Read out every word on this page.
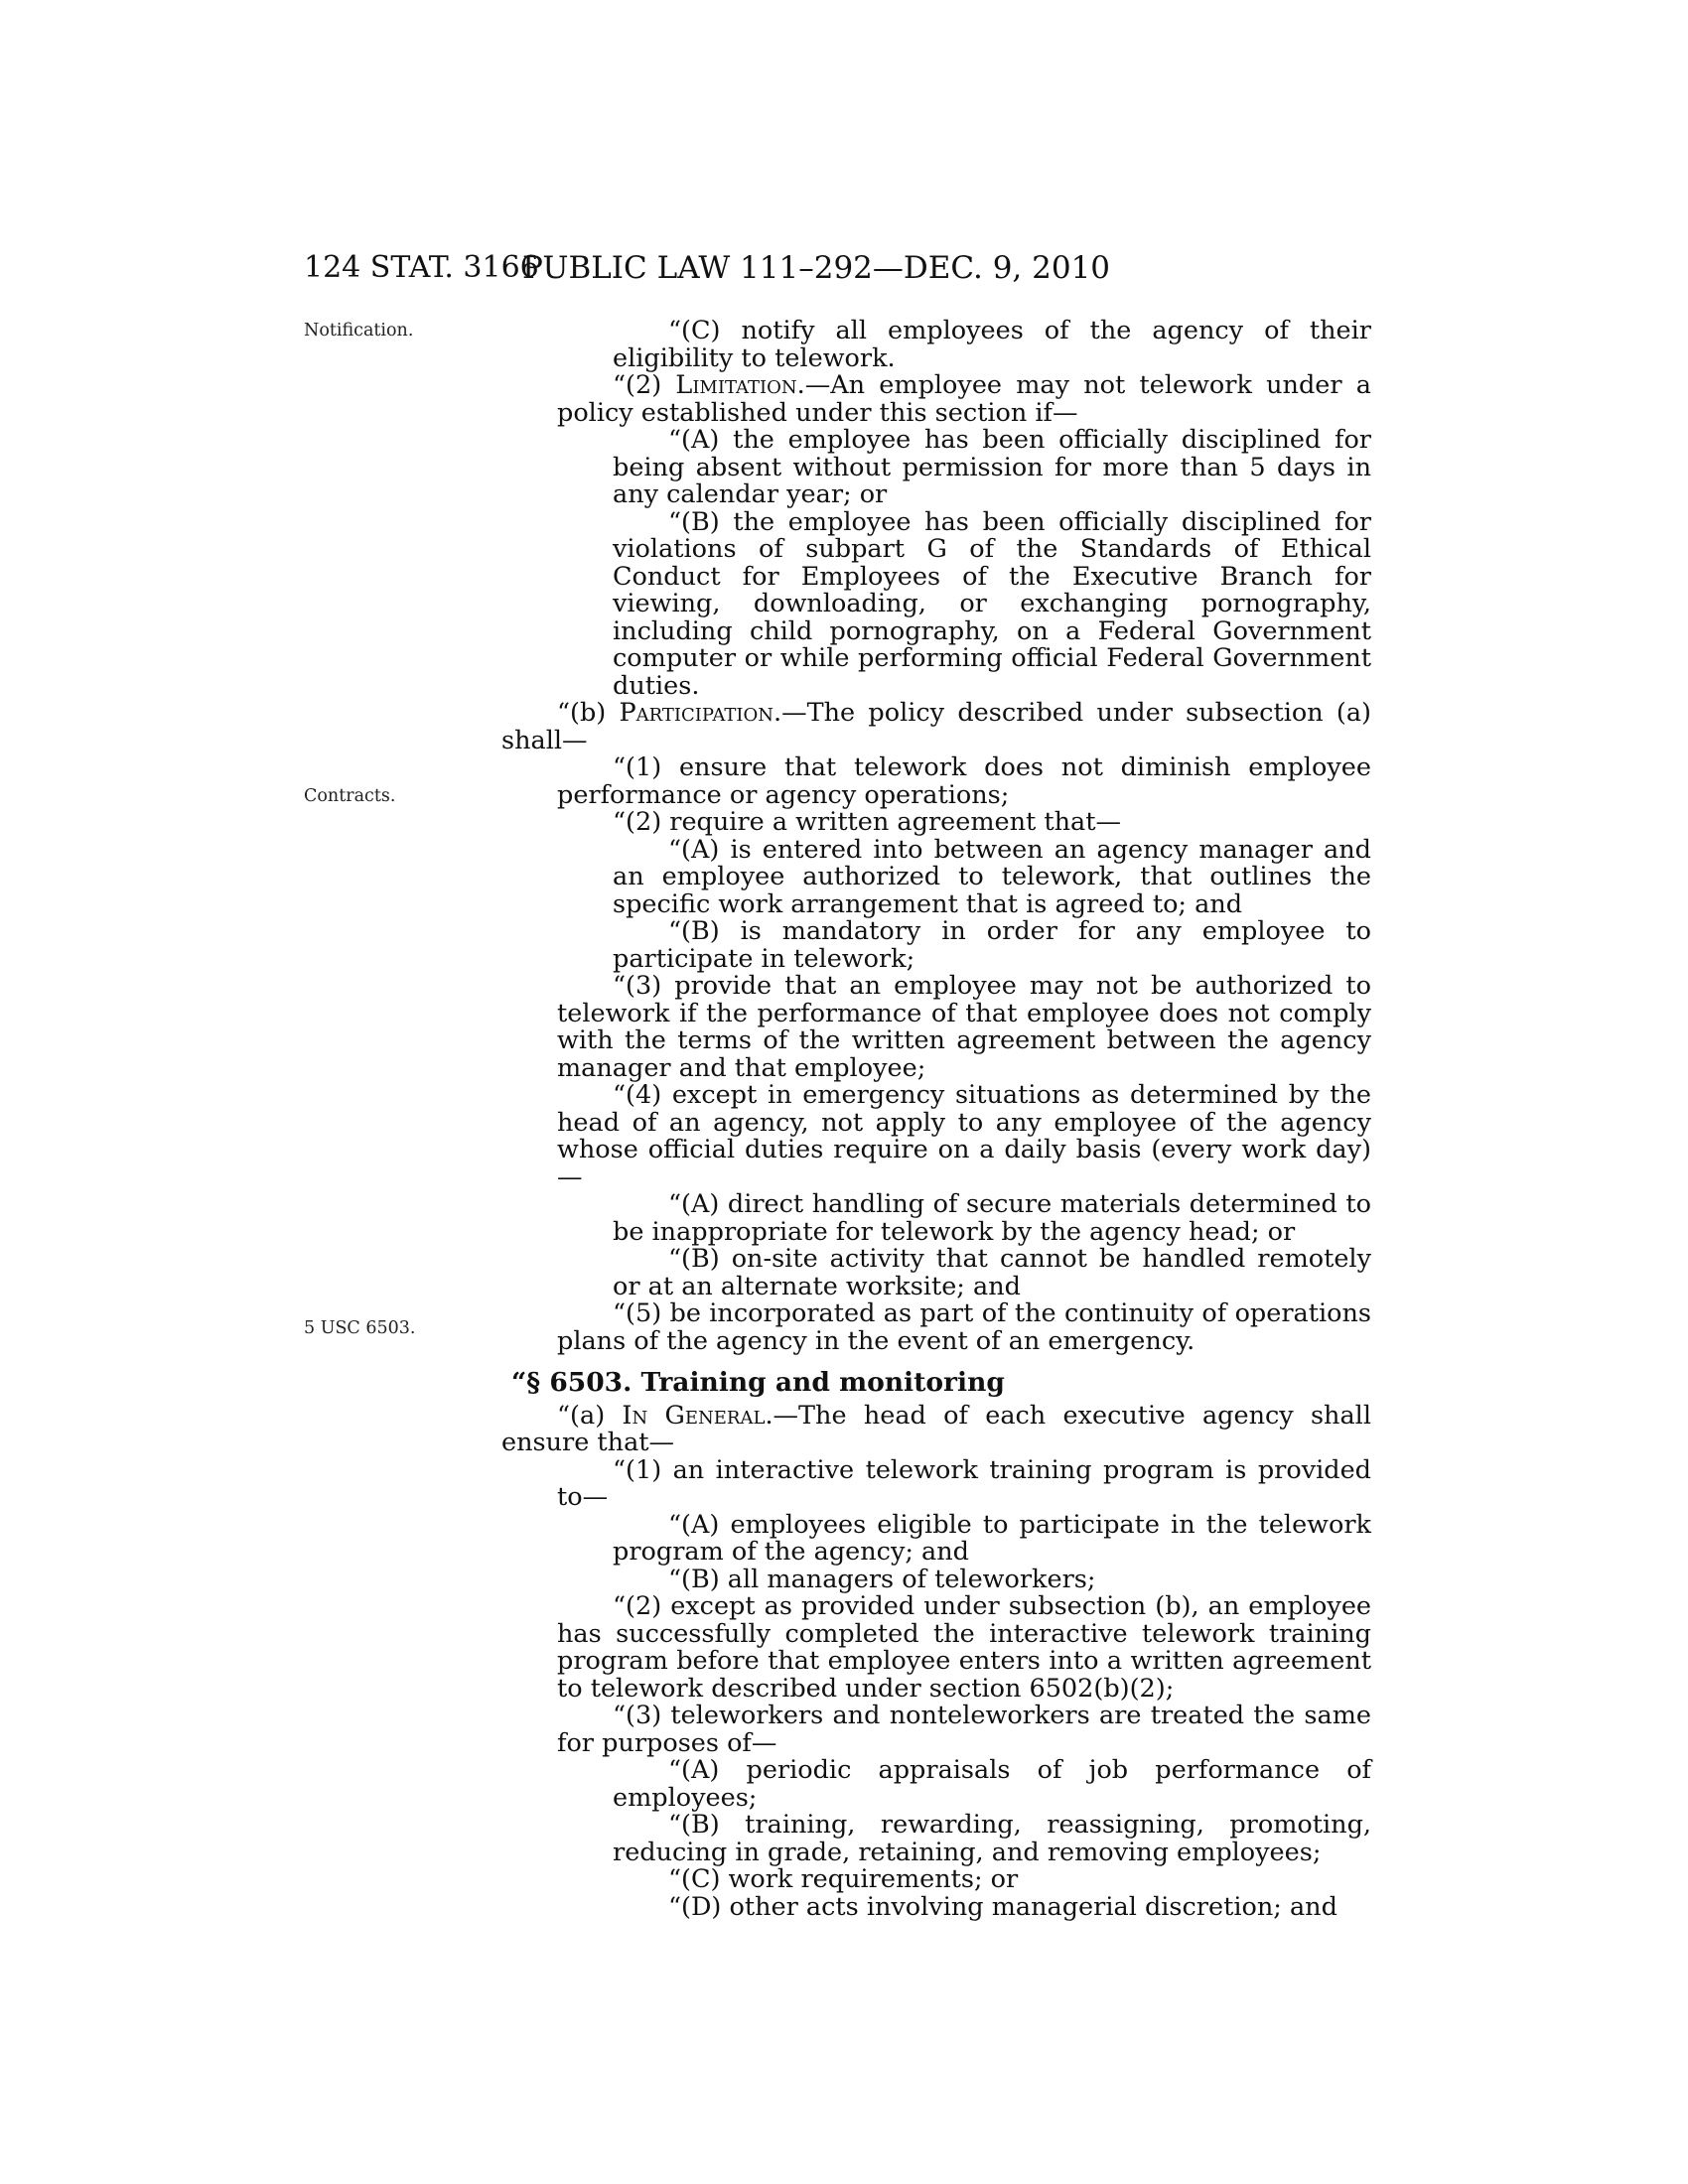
124 STAT. 3166
PUBLIC LAW 111–292—DEC. 9, 2010
Notification.
Contracts.
5 USC 6503.

“(C) notify all employees of the agency of their eligibility to telework.

“(2) Limitation.—An employee may not telework under a policy established under this section if—

“(A) the employee has been officially disciplined for being absent without permission for more than 5 days in any calendar year; or

“(B) the employee has been officially disciplined for violations of subpart G of the Standards of Ethical Conduct for Employees of the Executive Branch for viewing, downloading, or exchanging pornography, including child pornography, on a Federal Government computer or while performing official Federal Government duties.

“(b) Participation.—The policy described under subsection (a) shall—

“(1) ensure that telework does not diminish employee performance or agency operations;

“(2) require a written agreement that—

“(A) is entered into between an agency manager and an employee authorized to telework, that outlines the specific work arrangement that is agreed to; and

“(B) is mandatory in order for any employee to participate in telework;

“(3) provide that an employee may not be authorized to telework if the performance of that employee does not comply with the terms of the written agreement between the agency manager and that employee;

“(4) except in emergency situations as determined by the head of an agency, not apply to any employee of the agency whose official duties require on a daily basis (every work day)—

“(A) direct handling of secure materials determined to be inappropriate for telework by the agency head; or

“(B) on-site activity that cannot be handled remotely or at an alternate worksite; and

“(5) be incorporated as part of the continuity of operations plans of the agency in the event of an emergency.

“§ 6503. Training and monitoring

“(a) In General.—The head of each executive agency shall ensure that—

“(1) an interactive telework training program is provided to—

“(A) employees eligible to participate in the telework program of the agency; and

“(B) all managers of teleworkers;

“(2) except as provided under subsection (b), an employee has successfully completed the interactive telework training program before that employee enters into a written agreement to telework described under section 6502(b)(2);

“(3) teleworkers and nonteleworkers are treated the same for purposes of—

“(A) periodic appraisals of job performance of employees;

“(B) training, rewarding, reassigning, promoting, reducing in grade, retaining, and removing employees;

“(C) work requirements; or

“(D) other acts involving managerial discretion; and
